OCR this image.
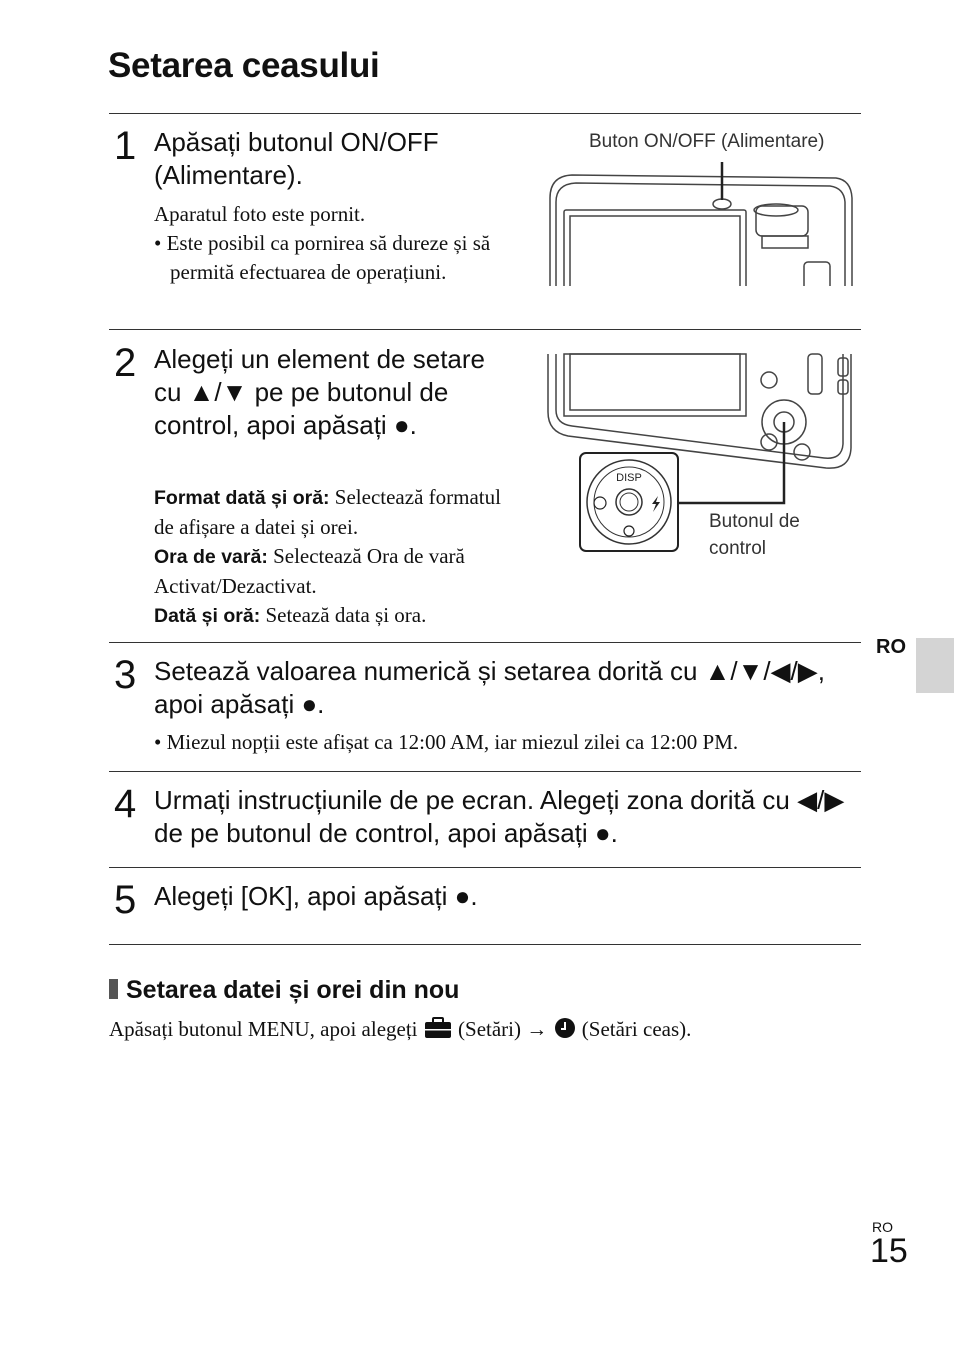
Setarea ceasului
1 Apăsați butonul ON/OFF (Alimentare).
Aparatul foto este pornit.
• Este posibil ca pornirea să dureze și să permită efectuarea de operațiuni.
Buton ON/OFF (Alimentare)
2 Alegeți un element de setare cu ▲/▼ pe pe butonul de control, apoi apăsați ●.
Format dată și oră: Selectează formatul de afișare a datei și orei.
Ora de vară: Selectează Ora de vară Activat/Dezactivat.
Dată și oră: Setează data și ora.
DISP
Butonul de control
3 Setează valoarea numerică și setarea dorită cu ▲/▼/◀/▶, apoi apăsați ●.
• Miezul nopții este afișat ca 12:00 AM, iar miezul zilei ca 12:00 PM.
4 Urmați instrucțiunile de pe ecran. Alegeți zona dorită cu ◀/▶ de pe butonul de control, apoi apăsați ●.
5 Alegeți [OK], apoi apăsați ●.
Setarea datei și orei din nou
Apăsați butonul MENU, apoi alegeți (Setări) → (Setări ceas).
RO
RO
15
